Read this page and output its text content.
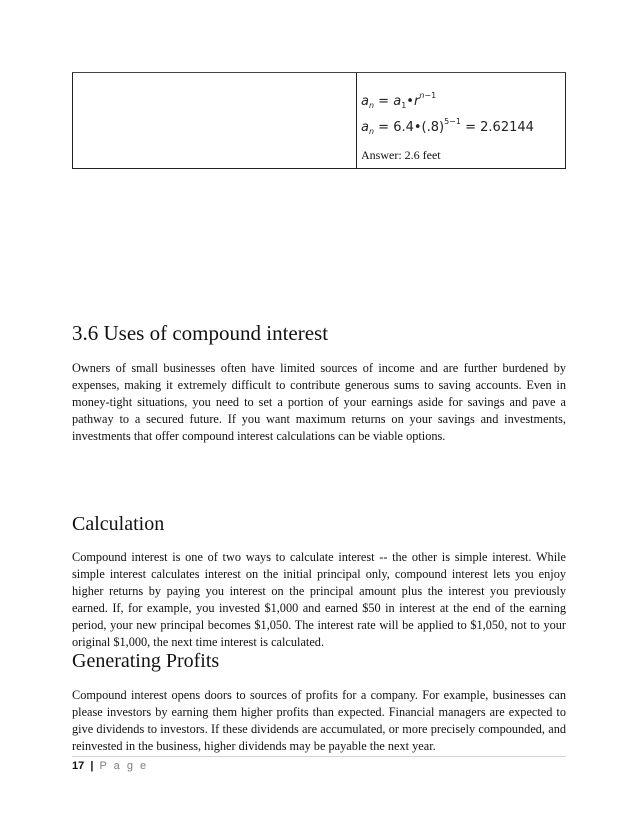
$a_n$ = $a_1•r^{n-1}$
$a_n$ = $6.4•(.8)^{5-1} = 2.62144$
Answer: 2.6 feet
3.6 Uses of compound interest

Owners of small businesses often have limited sources of income and are further burdened by expenses, making it extremely difficult to contribute generous sums to saving accounts. Even in money-tight situations, you need to set a portion of your earnings aside for savings and pave a pathway to a secured future. If you want maximum returns on your savings and investments, investments that offer compound interest calculations can be viable options.

Calculation

Compound interest is one of two ways to calculate interest -- the other is simple interest. While simple interest calculates interest on the initial principal only, compound interest lets you enjoy higher returns by paying you interest on the principal amount plus the interest you previously earned. If, for example, you invested $1,000 and earned $50 in interest at the end of the earning period, your new principal becomes $1,050. The interest rate will be applied to $1,050, not to your original $1,000, the next time interest is calculated.

Generating Profits

Compound interest opens doors to sources of profits for a company. For example, businesses can please investors by earning them higher profits than expected. Financial managers are expected to give dividends to investors. If these dividends are accumulated, or more precisely compounded, and reinvested in the business, higher dividends may be payable the next year.

17 | P a g e
